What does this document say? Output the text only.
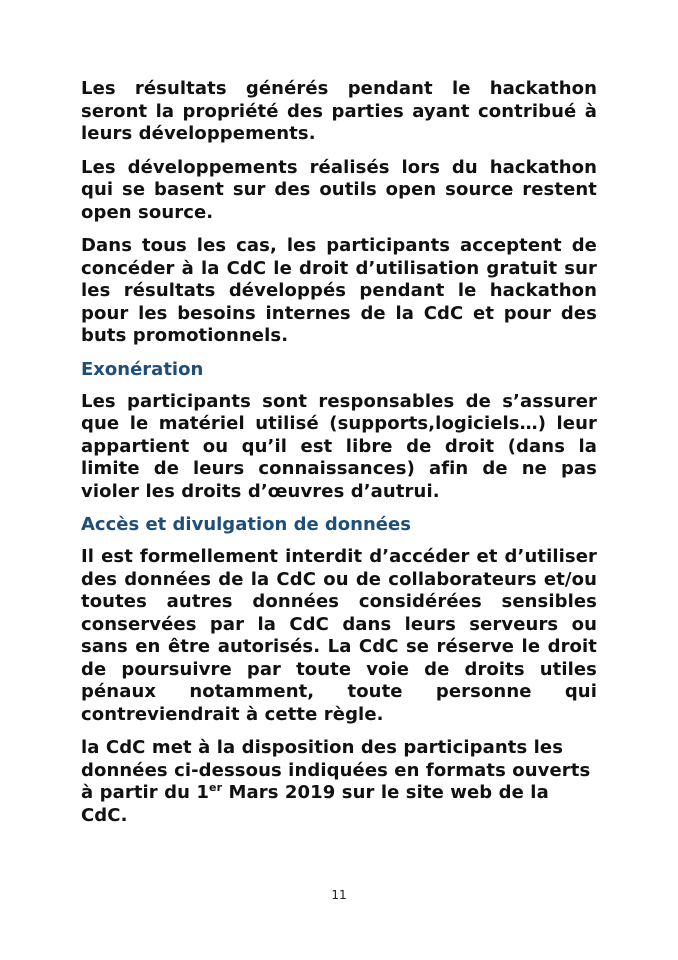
Les résultats générés pendant le hackathon seront la propriété des parties ayant contribué à leurs développements.

Les développements réalisés lors du hackathon qui se basent sur des outils open source restent open source.

Dans tous les cas, les participants acceptent de concéder à la CdC le droit d’utilisation gratuit sur les résultats développés pendant le hackathon pour les besoins internes de la CdC et pour des buts promotionnels.

Exonération

Les participants sont responsables de s’assurer que le matériel utilisé (supports,logiciels…) leur appartient ou qu’il est libre de droit (dans la limite de leurs connaissances) afin de ne pas violer les droits d’œuvres d’autrui.

Accès et divulgation de données

Il est formellement interdit d’accéder et d’utiliser des données de la CdC ou de collaborateurs et/ou toutes autres données considérées sensibles conservées par la CdC dans leurs serveurs ou sans en être autorisés. La CdC se réserve le droit de poursuivre par toute voie de droits utiles pénaux notamment, toute personne qui contreviendrait à cette règle.

la CdC met à la disposition des participants les données ci-dessous indiquées en formats ouverts à partir du 1er Mars 2019 sur le site web de la CdC.

11
